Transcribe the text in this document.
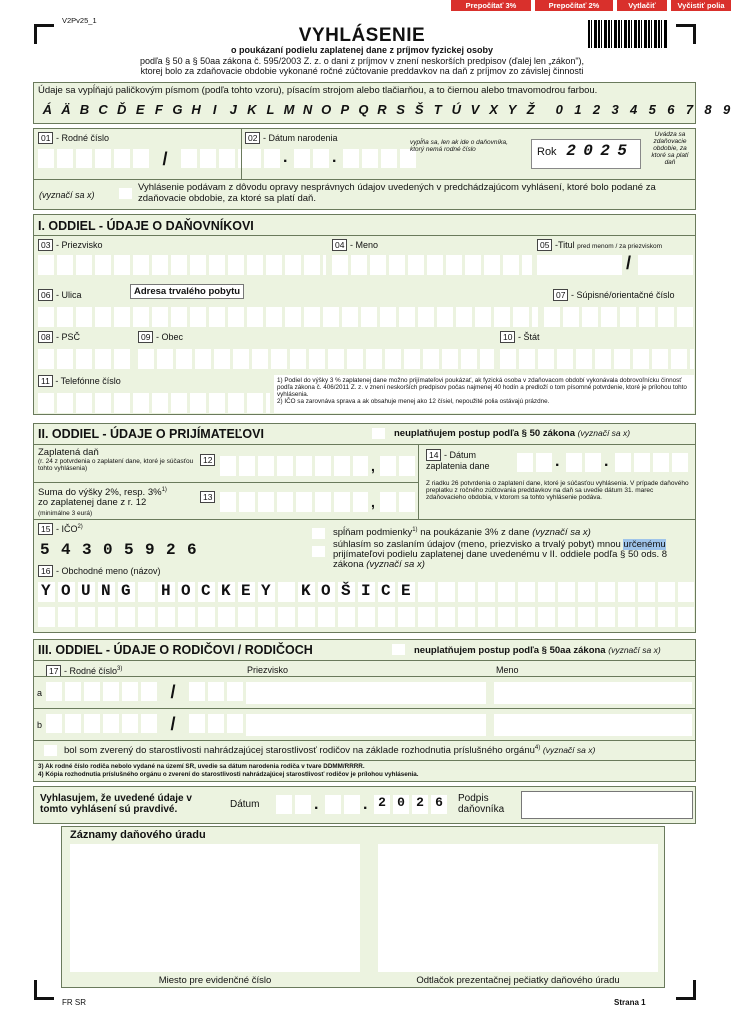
Prepočítať 3%	Prepočítať 2%	Vytlačiť	Vyčistiť polia
V2Pv25_1
VYHLÁSENIE
o poukázaní podielu zaplatenej dane z príjmov fyzickej osoby
podľa § 50 a § 50aa zákona č. 595/2003 Z. z. o dani z príjmov v znení neskorších predpisov (ďalej len „zákon"),
ktorej bolo za zdaňovacie obdobie vykonané ročné zúčtovanie preddavkov na daň z príjmov zo závislej činnosti
Údaje sa vypĺňajú paličkovým písmom (podľa tohto vzoru), písacím strojom alebo tlačiarňou, a to čiernou alebo tmavomodrou farbou.
Á Ä B C Ď E F G H I J K L M N O P Q R S Š T Ú V X Y Ž	0 1 2 3 4 5 6 7 8 9
01 - Rodné číslo
/
02 - Dátum narodenia
.	.
vypĺňa sa, len ak ide o daňovníka, ktorý nemá rodné číslo	Rok 2 0 2 5
Uvádza sa zdaňovacie obdobie, za ktoré sa platí daň
(vyznačí sa x)
Vyhlásenie podávam z dôvodu opravy nesprávnych údajov uvedených v predchádzajúcom vyhlásení, ktoré bolo podané za zdaňovacie obdobie, za ktoré sa platí daň.
I. ODDIEL - ÚDAJE O DAŇOVNÍKOVI
03 - Priezvisko	04 - Meno	05 -Titul pred menom / za priezviskom
/
06 - Ulica	Adresa trvalého pobytu	07 - Súpisné/orientačné číslo
08 - PSČ	09 - Obec	10 - Štát
11 - Telefónne číslo	1) Podiel do výšky 3 % zaplatenej dane možno prijímateľovi poukázať, ak fyzická osoba v zdaňovacom období vykonávala dobrovoľnícku činnosť podľa zákona č. 406/2011 Z. z. v znení neskorších predpisov počas najmenej 40 hodín a predloží o tom písomné potvrdenie, ktoré je prílohou tohto vyhlásenia.
2) IČO sa zarovnáva sprava a ak obsahuje menej ako 12 čísiel, nepoužité polia ostávajú prázdne.
II. ODDIEL - ÚDAJE O PRIJÍMATEĽOVI	neuplatňujem postup podľa § 50 zákona (vyznačí sa x)
Zaplatená daň
(r. 24 z potvrdenia o zaplatení dane, ktoré je súčasťou tohto vyhlásenia)
12	,
Suma do výšky 2%, resp. 3%$^{1)}$
zo zaplatenej dane z r. 12
(minimálne 3 eurá)
13	,
14 - Dátum zaplatenia dane	.	.
Z riadku 26 potvrdenia o zaplatení dane, ktoré je súčasťou vyhlásenia. V prípade daňového preplatku z ročného zúčtovania preddavkov na daň sa uvedie dátum 31. marec zdaňovacieho obdobia, v ktorom sa tohto vyhlásenie podáva.
15 - IČO$^{2)}$
5 4 3 0 5 9 2 6
spĺňam podmienky$^{1)}$ na poukázanie 3% z dane (vyznačí sa x)
súhlasím so zaslaním údajov (meno, priezvisko a trvalý pobyt) mnou určenému prijímateľovi podielu zaplatenej dane uvedenému v II. oddiele podľa § 50 ods. 8 zákona (vyznačí sa x)
16 - Obchodné meno (názov)
Y O U N G	H O C K E Y	K O Š I C E
III. ODDIEL - ÚDAJE O RODIČOVI / RODIČOCH	neuplatňujem postup podľa § 50aa zákona (vyznačí sa x)
17 - Rodné číslo$^{3)}$	Priezvisko	Meno
a	/
b	/
bol som zverený do starostlivosti nahrádzajúcej starostlivosť rodičov na základe rozhodnutia príslušného orgánu$^{4)}$ (vyznačí sa x)
3) Ak rodné číslo rodiča nebolo vydané na území SR, uvedie sa dátum narodenia rodiča v tvare DDMM/RRRR.
4) Kópia rozhodnutia príslušného orgánu o zverení do starostlivosti nahrádzajúcej starostlivosť rodičov je prílohou vyhlásenia.
Vyhlasujem, že uvedené údaje v tomto vyhlásení sú pravdivé.	Dátum	.	. 2 0 2 6	Podpis daňovníka
Záznamy daňového úradu
Miesto pre evidenčné číslo	Odtlačok prezentačnej pečiatky daňového úradu
FR SR	Strana 1
